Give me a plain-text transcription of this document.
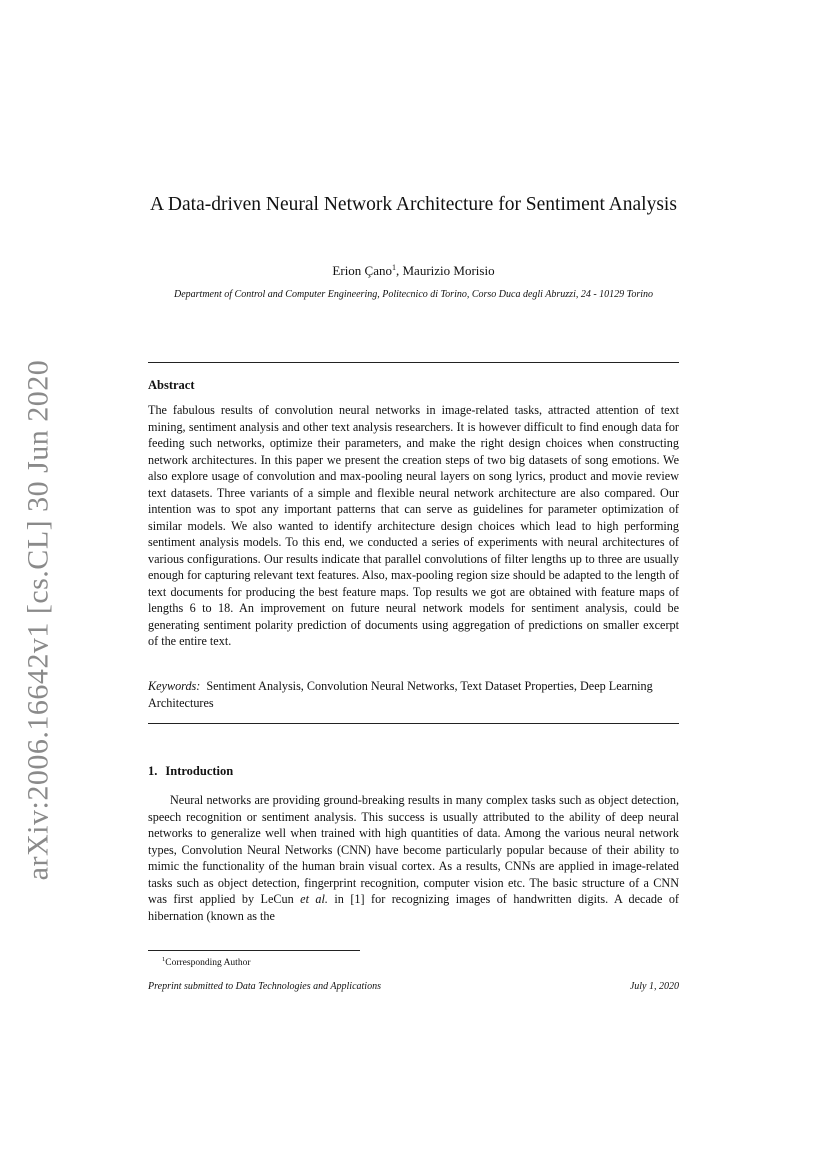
arXiv:2006.16642v1 [cs.CL] 30 Jun 2020
A Data-driven Neural Network Architecture for Sentiment Analysis
Erion Çano$^1$, Maurizio Morisio
Department of Control and Computer Engineering, Politecnico di Torino, Corso Duca degli Abruzzi, 24 - 10129 Torino
Abstract

The fabulous results of convolution neural networks in image-related tasks, attracted attention of text mining, sentiment analysis and other text analysis researchers. It is however difficult to find enough data for feeding such networks, optimize their parameters, and make the right design choices when constructing network architectures. In this paper we present the creation steps of two big datasets of song emotions. We also explore usage of convolution and max-pooling neural layers on song lyrics, product and movie review text datasets. Three variants of a simple and flexible neural network architecture are also compared. Our intention was to spot any important patterns that can serve as guidelines for parameter optimization of similar models. We also wanted to identify architecture design choices which lead to high performing sentiment analysis models. To this end, we conducted a series of experiments with neural architectures of various configurations. Our results indicate that parallel convolutions of filter lengths up to three are usually enough for capturing relevant text features. Also, max-pooling region size should be adapted to the length of text documents for producing the best feature maps. Top results we got are obtained with feature maps of lengths 6 to 18. An improvement on future neural network models for sentiment analysis, could be generating sentiment polarity prediction of documents using aggregation of predictions on smaller excerpt of the entire text.

Keywords: Sentiment Analysis, Convolution Neural Networks, Text Dataset Properties, Deep Learning Architectures

1. Introduction

Neural networks are providing ground-breaking results in many complex tasks such as object detection, speech recognition or sentiment analysis. This success is usually attributed to the ability of deep neural networks to generalize well when trained with high quantities of data. Among the various neural network types, Convolution Neural Networks (CNN) have become particularly popular because of their ability to mimic the functionality of the human brain visual cortex. As a results, CNNs are applied in image-related tasks such as object detection, fingerprint recognition, computer vision etc. The basic structure of a CNN was first applied by LeCun et al. in [1] for recognizing images of handwritten digits. A decade of hibernation (known as the

$^1$Corresponding Author
Preprint submitted to Data Technologies and Applications	July 1, 2020
